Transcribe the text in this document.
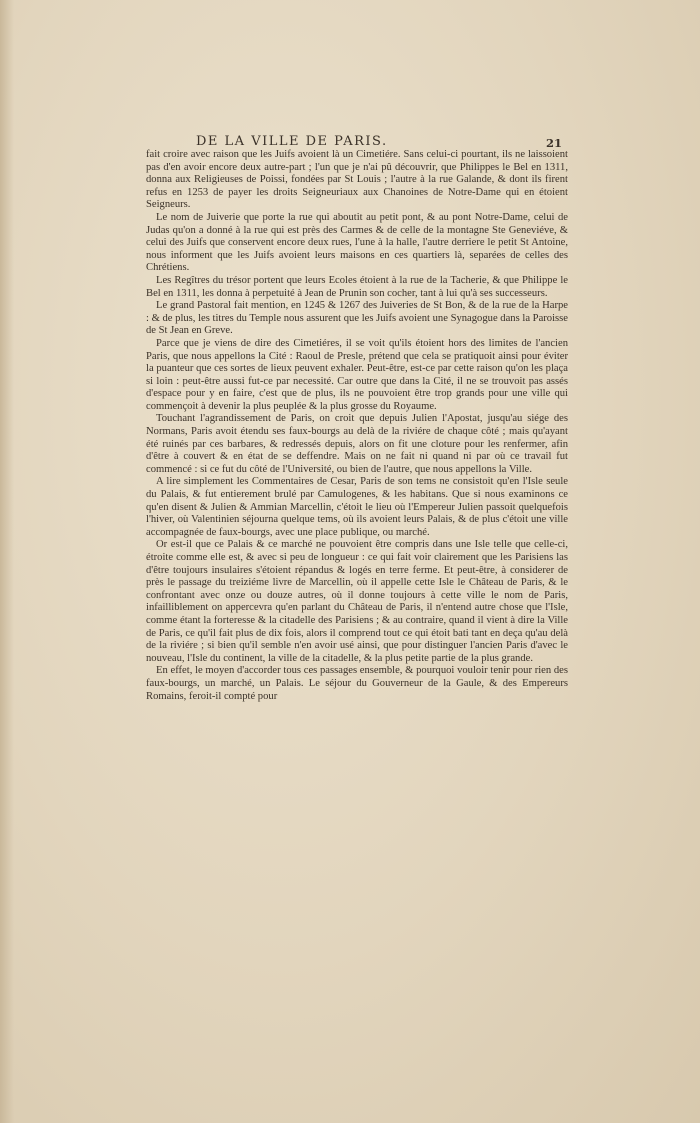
DE LA VILLE DE PARIS.	21

fait croire avec raison que les Juifs avoient là un Cimetiére. Sans celui-ci pourtant, ils ne laissoient pas d'en avoir encore deux autre-part ; l'un que je n'ai pû découvrir, que Philippes le Bel en 1311, donna aux Religieuses de Poissi, fondées par St Louis ; l'autre à la rue Galande, & dont ils firent refus en 1253 de payer les droits Seigneuriaux aux Chanoines de Notre-Dame qui en étoient Seigneurs.

Le nom de Juiverie que porte la rue qui aboutit au petit pont, & au pont Notre-Dame, celui de Judas qu'on a donné à la rue qui est près des Carmes & de celle de la montagne Ste Geneviéve, & celui des Juifs que conservent encore deux rues, l'une à la halle, l'autre derriere le petit St Antoine, nous informent que les Juifs avoient leurs maisons en ces quartiers là, separées de celles des Chrétiens.

Les Regîtres du trésor portent que leurs Ecoles étoient à la rue de la Tacherie, & que Philippe le Bel en 1311, les donna à perpetuité à Jean de Prunin son cocher, tant à lui qu'à ses successeurs.

Le grand Pastoral fait mention, en 1245 & 1267 des Juiveries de St Bon, & de la rue de la Harpe : & de plus, les titres du Temple nous assurent que les Juifs avoient une Synagogue dans la Paroisse de St Jean en Greve.

Parce que je viens de dire des Cimetiéres, il se voit qu'ils étoient hors des limites de l'ancien Paris, que nous appellons la Cité : Raoul de Presle, prétend que cela se pratiquoit ainsi pour éviter la puanteur que ces sortes de lieux peuvent exhaler. Peut-être, est-ce par cette raison qu'on les plaça si loin : peut-être aussi fut-ce par necessité. Car outre que dans la Cité, il ne se trouvoit pas assés d'espace pour y en faire, c'est que de plus, ils ne pouvoient être trop grands pour une ville qui commençoit à devenir la plus peuplée & la plus grosse du Royaume.

Touchant l'agrandissement de Paris, on croit que depuis Julien l'Apostat, jusqu'au siége des Normans, Paris avoit étendu ses faux-bourgs au delà de la riviére de chaque côté ; mais qu'ayant été ruinés par ces barbares, & redressés depuis, alors on fit une cloture pour les renfermer, afin d'être à couvert & en état de se deffendre. Mais on ne fait ni quand ni par où ce travail fut commencé : si ce fut du côté de l'Université, ou bien de l'autre, que nous appellons la Ville.

A lire simplement les Commentaires de Cesar, Paris de son tems ne consistoit qu'en l'Isle seule du Palais, & fut entierement brulé par Camulogenes, & les habitans. Que si nous examinons ce qu'en disent & Julien & Ammian Marcellin, c'étoit le lieu où l'Empereur Julien passoit quelquefois l'hiver, où Valentinien séjourna quelque tems, où ils avoient leurs Palais, & de plus c'étoit une ville accompagnée de faux-bourgs, avec une place publique, ou marché.

Or est-il que ce Palais & ce marché ne pouvoient être compris dans une Isle telle que celle-ci, étroite comme elle est, & avec si peu de longueur : ce qui fait voir clairement que les Parisiens las d'être toujours insulaires s'étoient répandus & logés en terre ferme. Et peut-être, à considerer de près le passage du treiziéme livre de Marcellin, où il appelle cette Isle le Château de Paris, & le confrontant avec onze ou douze autres, où il donne toujours à cette ville le nom de Paris, infailliblement on appercevra qu'en parlant du Château de Paris, il n'entend autre chose que l'Isle, comme étant la forteresse & la citadelle des Parisiens ; & au contraire, quand il vient à dire la Ville de Paris, ce qu'il fait plus de dix fois, alors il comprend tout ce qui étoit bati tant en deça qu'au delà de la riviére ; si bien qu'il semble n'en avoir usé ainsi, que pour distinguer l'ancien Paris d'avec le nouveau, l'Isle du continent, la ville de la citadelle, & la plus petite partie de la plus grande.

En effet, le moyen d'accorder tous ces passages ensemble, & pourquoi vouloir tenir pour rien des faux-bourgs, un marché, un Palais. Le séjour du Gouverneur de la Gaule, & des Empereurs Romains, feroit-il compté pour
